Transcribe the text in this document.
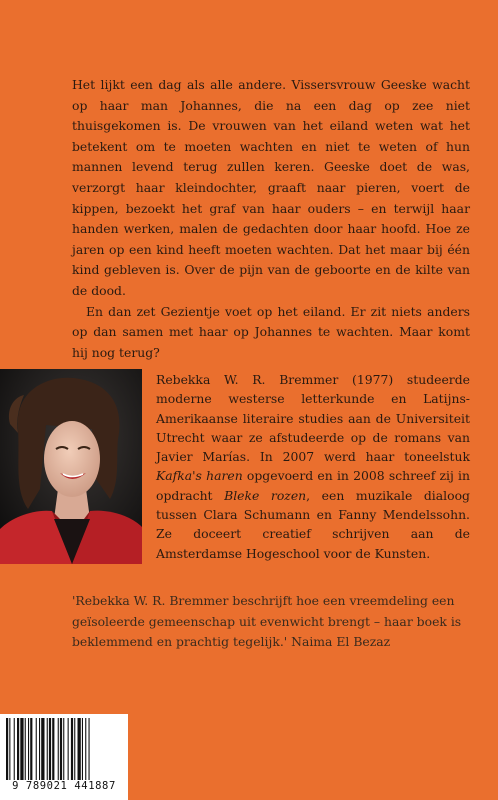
Het lijkt een dag als alle andere. Vissersvrouw Geeske wacht op haar man Johannes, die na een dag op zee niet thuisgekomen is. De vrouwen van het eiland weten wat het betekent om te moeten wachten en niet te weten of hun mannen levend terug zullen keren. Geeske doet de was, verzorgt haar kleindochter, graaft naar pieren, voert de kippen, bezoekt het graf van haar ouders – en terwijl haar handen werken, malen de gedachten door haar hoofd. Hoe ze jaren op een kind heeft moeten wachten. Dat het maar bij één kind gebleven is. Over de pijn van de geboorte en de kilte van de dood.

En dan zet Gezientje voet op het eiland. Er zit niets anders op dan samen met haar op Johannes te wachten. Maar komt hij nog terug?

Rebekka W. R. Bremmer (1977) studeerde moderne westerse letterkunde en Latijns-Amerikaanse literaire studies aan de Universiteit Utrecht waar ze afstudeerde op de romans van Javier Marías. In 2007 werd haar toneelstuk Kafka's haren opgevoerd en in 2008 schreef zij in opdracht Bleke rozen, een muzikale dialoog tussen Clara Schumann en Fanny Mendelssohn. Ze doceert creatief schrijven aan de Amsterdamse Hogeschool voor de Kunsten.
'Rebekka W. R. Bremmer beschrijft hoe een vreemdeling een geïsoleerde gemeenschap uit evenwicht brengt – haar boek is beklemmend en prachtig tegelijk.' Naima El Bezaz
9 789021 441887
